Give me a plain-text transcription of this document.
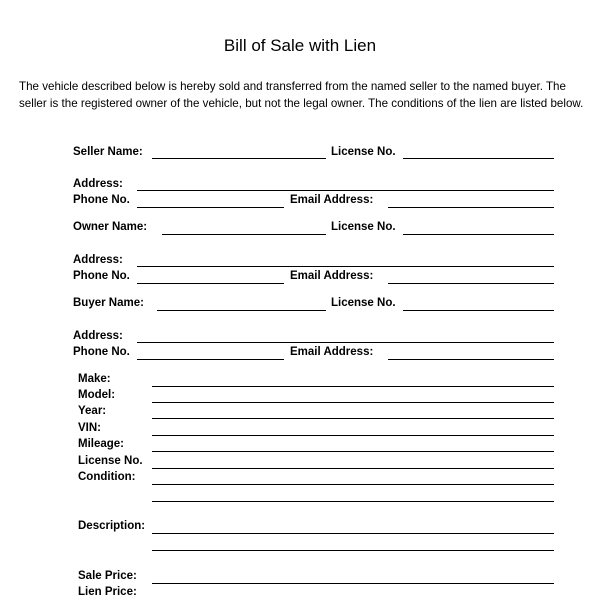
Bill of Sale with Lien
The vehicle described below is hereby sold and transferred from the named seller to the named buyer. The seller is the registered owner of the vehicle, but not the legal owner. The conditions of the lien are listed below.
Seller Name:	License No.
Address:
Phone No.	Email Address:
Owner Name:	License No.
Address:
Phone No.	Email Address:
Buyer Name:	License No.
Address:
Phone No.	Email Address:
Make:
Model:
Year:
VIN:
Mileage:
License No.
Condition:
Description:
Sale Price:
Lien Price:
